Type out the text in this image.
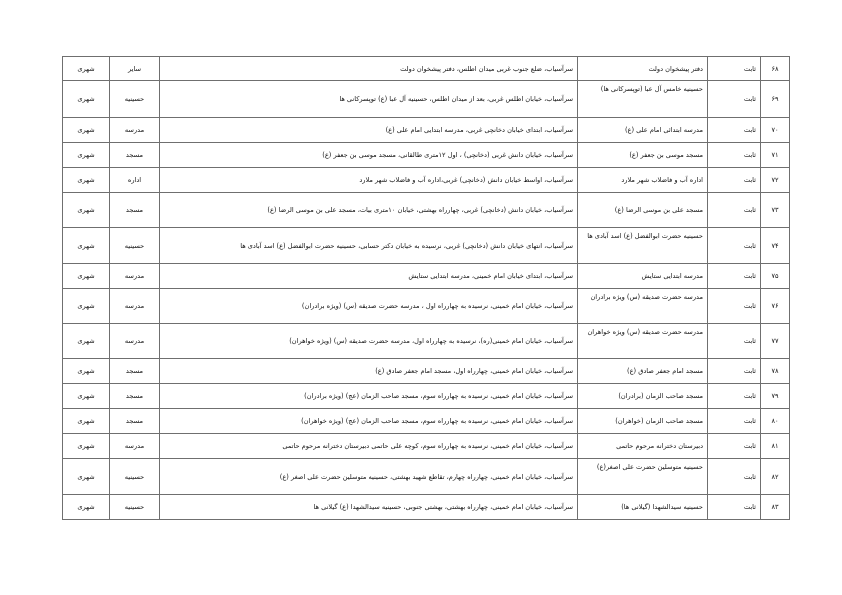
۶۸	ثابت	دفتر پیشخوان دولت	سرآسیاب، ضلع جنوب غربی میدان اطلس، دفتر پیشخوان دولت	سایر	شهری
۶۹	ثابت	حسینیه خامس آل عبا (توپسرکانی ها)	سرآسیاب، خیابان اطلس غربی، بعد از میدان اطلس، حسینیه آل عبا (ع) توپسرکانی ها	حسینیه	شهری
۷۰	ثابت	مدرسه ابتدائی امام علی (ع)	سرآسیاب، ابتدای خیابان دخانچی غربی، مدرسه ابتدایی امام علی (ع)	مدرسه	شهری
۷۱	ثابت	مسجد موسی بن جعفر (ع)	سرآسیاب، خیابان دانش غربی (دخانچی) ، اول ۱۲متری طالقانی، مسجد موسی بن جعفر (ع)	مسجد	شهری
۷۲	ثابت	اداره آب و فاضلاب شهر ملارد	سرآسیاب، اواسط خیابان دانش (دخانچی) غربی،اداره آب و فاضلاب شهر ملارد	اداره	شهری
۷۳	ثابت	مسجد علی بن موسی الرضا (ع)	سرآسیاب، خیابان دانش (دخانچی) غربی، چهارراه بهشتی، خیابان ۱۰متری بیات، مسجد علی بن موسی الرضا (ع)	مسجد	شهری
۷۴	ثابت	حسینیه حضرت ابوالفضل (ع) اسد آبادی ها	سرآسیاب، انتهای خیابان دانش (دخانچی) غربی، نرسیده به خیابان دکتر حسابی، حسینیه حضرت ابوالفضل (ع) اسد آبادی ها	حسینیه	شهری
۷۵	ثابت	مدرسه ابتدایی ستایش	سرآسیاب، ابتدای خیابان امام خمینی، مدرسه ابتدایی ستایش	مدرسه	شهری
۷۶	ثابت	مدرسه حضرت صدیقه (س) ویژه برادران	سرآسیاب، خیابان امام خمینی، نرسیده به چهارراه اول ، مدرسه حضرت صدیقه (س) (ویژه برادران)	مدرسه	شهری
۷۷	ثابت	مدرسه حضرت صدیقه (س) ویژه خواهران	سرآسیاب، خیابان امام خمینی(ره)، نرسیده به چهارراه اول، مدرسه حضرت صدیقه (س) (ویژه خواهران)	مدرسه	شهری
۷۸	ثابت	مسجد امام جعفر صادق (ع)	سرآسیاب، خیابان امام خمینی، چهارراه اول، مسجد امام جعفر صادق (ع)	مسجد	شهری
۷۹	ثابت	مسجد صاحب الزمان (برادران)	سرآسیاب، خیابان امام خمینی، نرسیده به چهارراه سوم، مسجد صاحب الزمان (عج) (ویژه برادران)	مسجد	شهری
۸۰	ثابت	مسجد صاحب الزمان (خواهران)	سرآسیاب، خیابان امام خمینی، نرسیده به چهارراه سوم، مسجد صاحب الزمان (عج) (ویژه خواهران)	مسجد	شهری
۸۱	ثابت	دبیرستان دخترانه مرحوم حاتمی	سرآسیاب، خیابان امام خمینی، نرسیده به چهارراه سوم، کوچه علی حاتمی دبیرستان دخترانه مرحوم حاتمی	مدرسه	شهری
۸۲	ثابت	حسینیه متوسلین حضرت علی اصغر(ع)	سرآسیاب، خیابان امام خمینی، چهارراه چهارم، تقاطع شهید بهشتی، حسینیه متوسلین حضرت علی اصغر (ع)	حسینیه	شهری
۸۳	ثابت	حسینیه سیدالشهدا (گیلانی ها)	سرآسیاب، خیابان امام خمینی، چهارراه بهشتی، بهشتی جنوبی، حسینیه سیدالشهدا (ع) گیلانی ها	حسینیه	شهری
